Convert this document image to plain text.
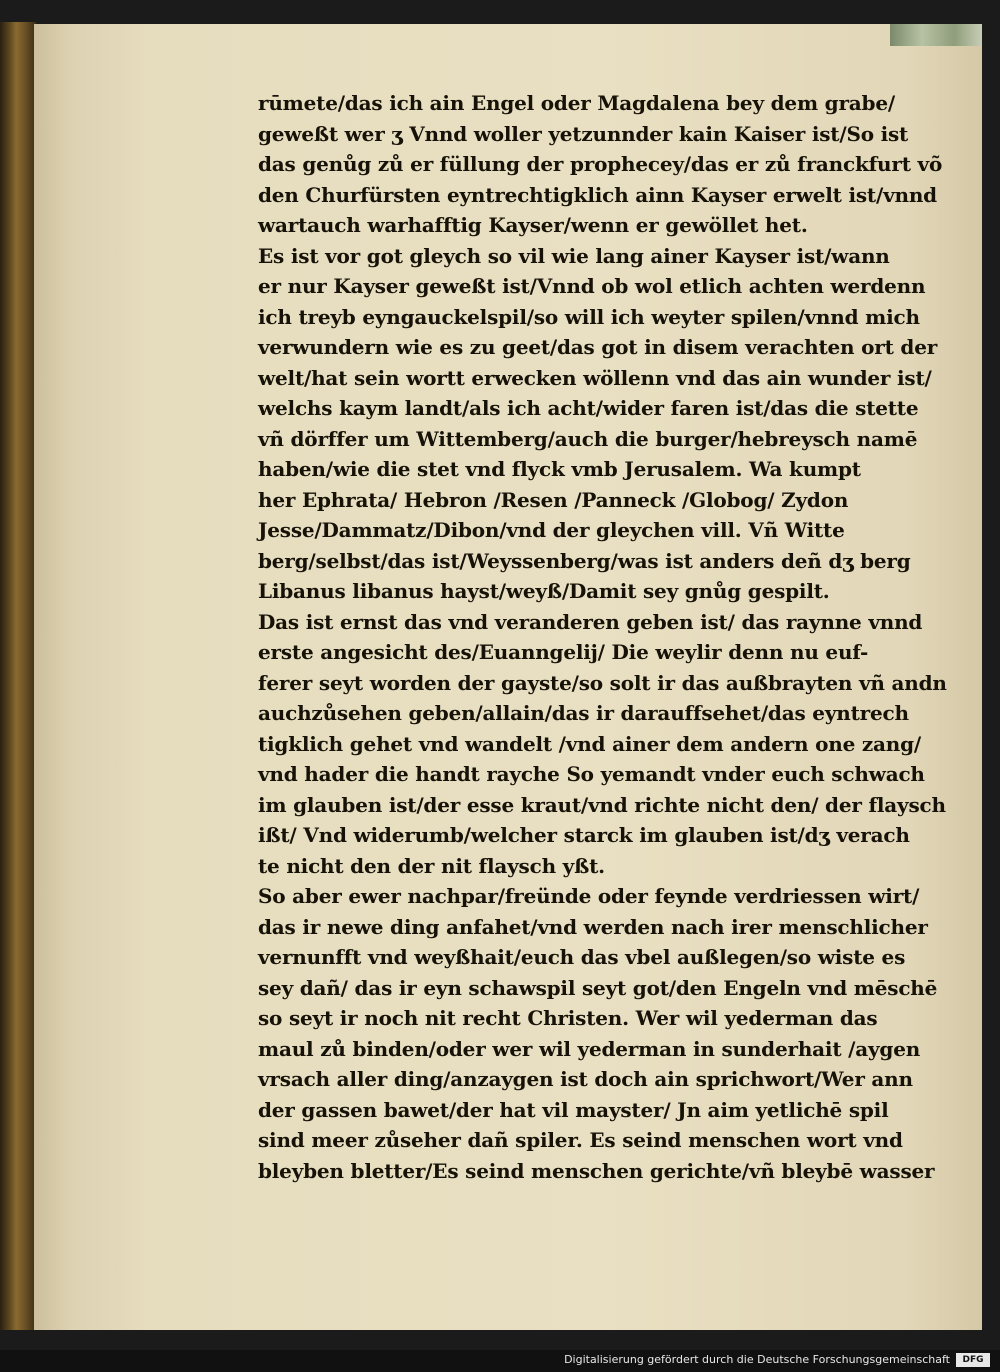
rūmete/das ich ain Engel oder Magdalena bey dem grabe/
geweßt wer ʒ Vnnd woller yetzunnder kain Kaiser ist/So ist
das genůg zů er füllung der prophecey/das er zů franckfurt võ
den Churfürsten eyntrechtigklich ainn Kayser erwelt ist/vnnd
wartauch warhafftig Kayser/wenn er gewöllet het.
Es ist vor got gleych so vil wie lang ainer Kayser ist/wann
er nur Kayser geweßt ist/Vnnd ob wol etlich achten werdenn
ich treyb eyngauckelspil/so will ich weyter spilen/vnnd mich
verwundern wie es zu geet/das got in disem verachten ort der
welt/hat sein wortt erwecken wöllenn vnd das ain wunder ist/
welchs kaym landt/als ich acht/wider faren ist/das die stette
vñ dörffer um Wittemberg/auch die burger/hebreysch namē
haben/wie die stet vnd flyck vmb Jerusalem. Wa kumpt
her Ephrata/ Hebron /Resen /Panneck /Globog/ Zydon
Jesse/Dammatz/Dibon/vnd der gleychen vill. Vñ Witte
berg/selbst/das ist/Weyssenberg/was ist anders deñ dʒ berg
Libanus libanus hayst/weyß/Damit sey gnůg gespilt.
Das ist ernst das vnd veranderen geben ist/ das raynne vnnd
erste angesicht des/Euanngelij/ Die weylir denn nu euf-
ferer seyt worden der gayste/so solt ir das außbrayten vñ andn
auchzůsehen geben/allain/das ir darauffsehet/das eyntrech
tigklich gehet vnd wandelt /vnd ainer dem andern one zang/
vnd hader die handt rayche So yemandt vnder euch schwach
im glauben ist/der esse kraut/vnd richte nicht den/ der flaysch
ißt/ Vnd widerumb/welcher starck im glauben ist/dʒ verach
te nicht den der nit flaysch yßt.
So aber ewer nachpar/freünde oder feynde verdriessen wirt/
das ir newe ding anfahet/vnd werden nach irer menschlicher
vernunfft vnd weyßhait/euch das vbel außlegen/so wiste es
sey dañ/ das ir eyn schawspil seyt got/den Engeln vnd mēschē
so seyt ir noch nit recht Christen. Wer wil yederman das
maul zů binden/oder wer wil yederman in sunderhait /aygen
vrsach aller ding/anzaygen ist doch ain sprichwort/Wer ann
der gassen bawet/der hat vil mayster/ Jn aim yetlichē spil
sind meer zůseher dañ spiler. Es seind menschen wort vnd
bleyben bletter/Es seind menschen gerichte/vñ bleybē wasser
Digitalisierung gefördert durch die Deutsche Forschungsgemeinschaft	DFG
